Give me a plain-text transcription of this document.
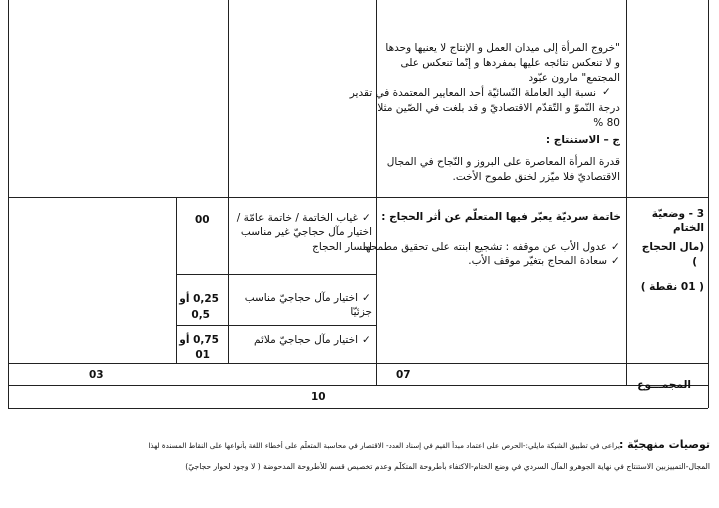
"خروج المرأة إلى ميدان العمل و الإنتاج لا يعنيها وحدها
و لا تنعكس نتائجه عليها بمفردها و إنّما تنعكس على
المجتمع" مارون عبّود
✓
نسبة اليد العاملة النّسائيّة أحد المعايير المعتمدة في تقدير
درجة النّموّ و التّقدّم الاقتصاديّ و قد بلغت في الصّين مثلا
80 %
ج – الاستنتاج :
قدرة المرأة المعاصرة على البروز و النّجاح في المجال
الاقتصاديّ فلا ميّزر لخنق طموح الأخت.
3 - وضعيّة
الختام
(مال الحجاج
)
( 01 نقطة )
خاتمة سرديّة يعبّر فيها المتعلّم عن أثر الحجاج :
✓
عدول الأب عن موقفه : تشجيع ابنته على تحقيق مطمحها
✓
سعادة المحاج بتغيّر موقف الأب.
✓
غياب الخاتمة / خاتمة عامّة /
اختيار مآل حجاجيّ غير مناسب
لمسار الحجاج
00
✓
اختيار مآل حجاجيّ مناسب
جزئيّا
0,25 أو
0,5
✓
اختيار مآل حجاجيّ ملائم
0,75 أو
01
03	07
المجمـــوع
10
توصيات منهجيّة :
يراعى في تطبيق الشبكة مايلي:-الحرص على اعتماد مبدأ القيم في إسناد العدد- الاقتصار في محاسبة المتعلّم على أخطاء اللغة بأنواعها على النقاط المسندة لهذا
المجال-التمييزبين الاستنتاج في نهاية الجوهرو المآل السردي في وضع الختام-الاكتفاء بأطروحة المتكلّم وعدم تخصيص قسم للأطروحة المدحوضة ( لا وجود لحوار حجاجيّ)
